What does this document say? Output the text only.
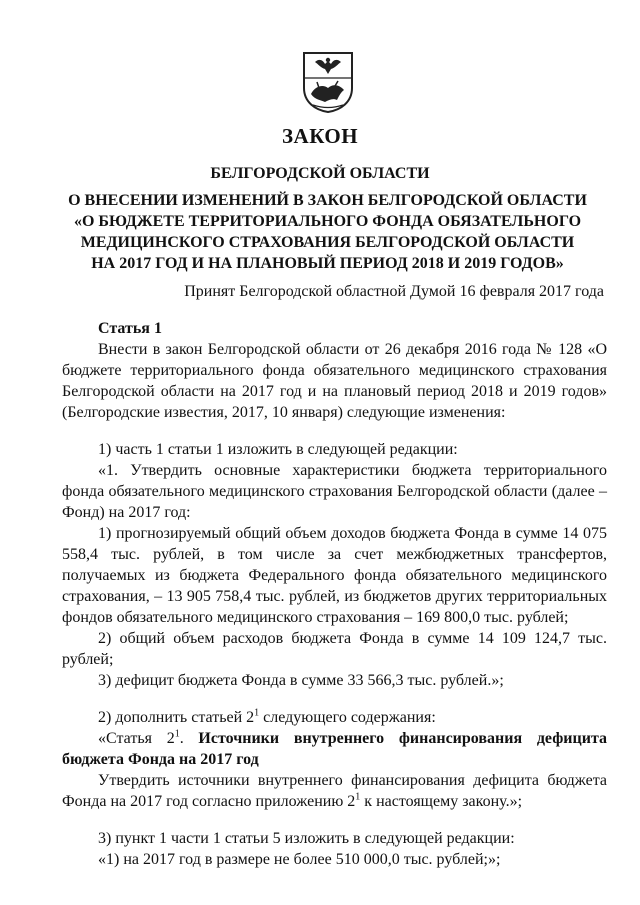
ЗАКОН
БЕЛГОРОДСКОЙ ОБЛАСТИ
О ВНЕСЕНИИ ИЗМЕНЕНИЙ В ЗАКОН БЕЛГОРОДСКОЙ ОБЛАСТИ
«О БЮДЖЕТЕ ТЕРРИТОРИАЛЬНОГО ФОНДА ОБЯЗАТЕЛЬНОГО
МЕДИЦИНСКОГО СТРАХОВАНИЯ БЕЛГОРОДСКОЙ ОБЛАСТИ
НА 2017 ГОД И НА ПЛАНОВЫЙ ПЕРИОД 2018 И 2019 ГОДОВ»
Принят Белгородской областной Думой 16 февраля 2017 года

Статья 1

Внести в закон Белгородской области от 26 декабря 2016 года № 128 «О бюджете территориального фонда обязательного медицинского страхования Белгородской области на 2017 год и на плановый период 2018 и 2019 годов» (Белгородские известия, 2017, 10 января) следующие изменения:

1) часть 1 статьи 1 изложить в следующей редакции:

«1. Утвердить основные характеристики бюджета территориального фонда обязательного медицинского страхования Белгородской области (далее – Фонд) на 2017 год:

1) прогнозируемый общий объем доходов бюджета Фонда в сумме 14 075 558,4 тыс. рублей, в том числе за счет межбюджетных трансфертов, получаемых из бюджета Федерального фонда обязательного медицинского страхования, – 13 905 758,4 тыс. рублей, из бюджетов других территориальных фондов обязательного медицинского страхования – 169 800,0 тыс. рублей;

2) общий объем расходов бюджета Фонда в сумме 14 109 124,7 тыс. рублей;

3) дефицит бюджета Фонда в сумме 33 566,3 тыс. рублей.»;

2) дополнить статьей $2^1$ следующего содержания:

«Статья $2^1$. Источники внутреннего финансирования дефицита бюджета Фонда на 2017 год

Утвердить источники внутреннего финансирования дефицита бюджета Фонда на 2017 год согласно приложению $2^1$ к настоящему закону.»;

3) пункт 1 части 1 статьи 5 изложить в следующей редакции:

«1) на 2017 год в размере не более 510 000,0 тыс. рублей;»;
